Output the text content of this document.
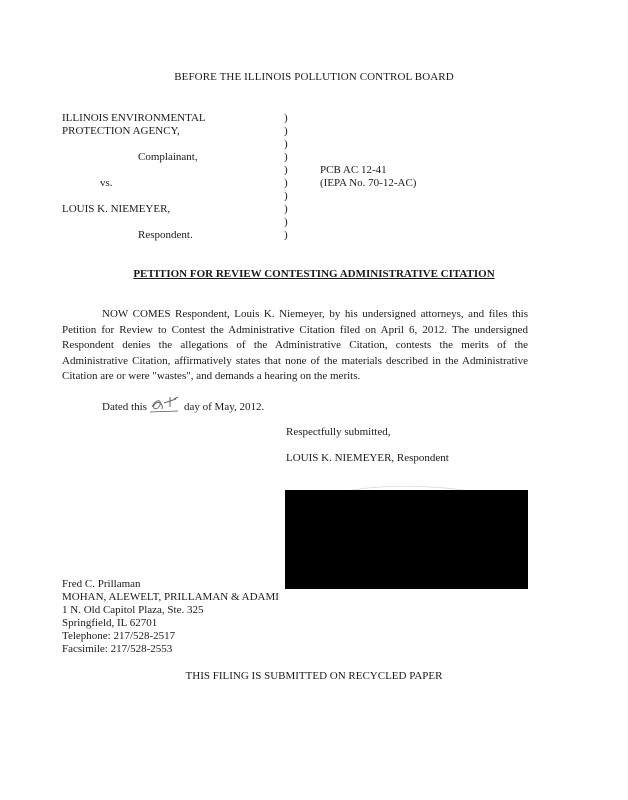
BEFORE THE ILLINOIS POLLUTION CONTROL BOARD
ILLINOIS ENVIRONMENTAL
PROTECTION AGENCY,
Complainant,
vs.
LOUIS K. NIEMEYER,
Respondent.
)
)
)
)
)
)
)
)
)
)
PCB AC 12-41
(IEPA No. 70-12-AC)
PETITION FOR REVIEW CONTESTING ADMINISTRATIVE CITATION
NOW COMES Respondent, Louis K. Niemeyer, by his undersigned attorneys, and files this Petition for Review to Contest the Administrative Citation filed on April 6, 2012. The undersigned Respondent denies the allegations of the Administrative Citation, contests the merits of the Administrative Citation, affirmatively states that none of the materials described in the Administrative Citation are or were "wastes", and demands a hearing on the merits.
Dated this	day of May, 2012.
Respectfully submitted,
LOUIS K. NIEMEYER, Respondent
Fred C. Prillaman
MOHAN, ALEWELT, PRILLAMAN & ADAMI
1 N. Old Capitol Plaza, Ste. 325
Springfield, IL 62701
Telephone: 217/528-2517
Facsimile: 217/528-2553
THIS FILING IS SUBMITTED ON RECYCLED PAPER
